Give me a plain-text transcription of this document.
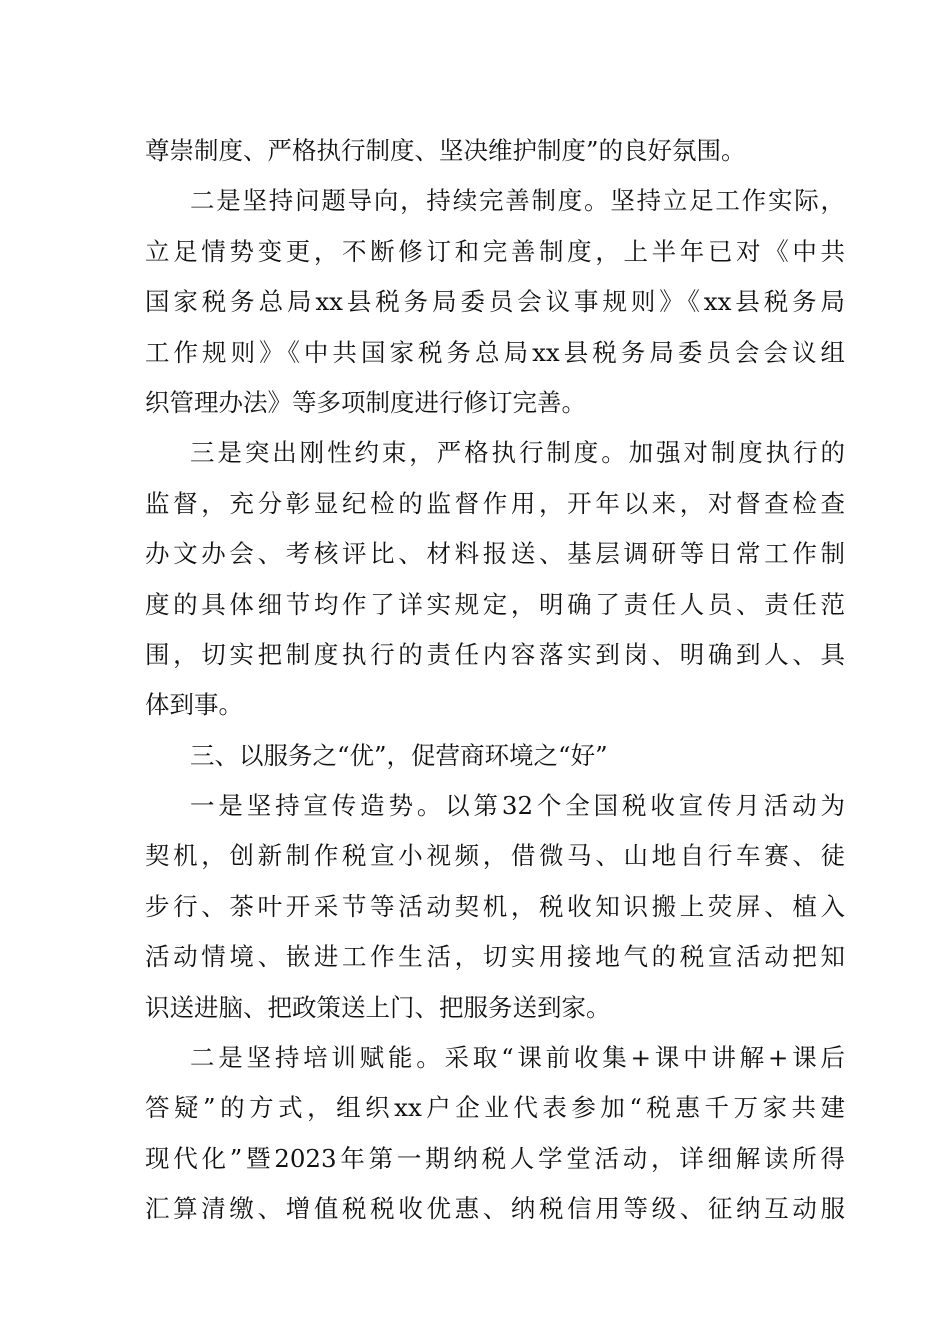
尊崇制度、严格执行制度、坚决维护制度”的良好氛围。
二是坚持问题导向，持续完善制度。坚持立足工作实际，
立足情势变更，不断修订和完善制度，上半年已对《中共
国家税务总局xx县税务局委员会议事规则》《xx县税务局
工作规则》《中共国家税务总局xx县税务局委员会会议组
织管理办法》等多项制度进行修订完善。
三是突出刚性约束，严格执行制度。加强对制度执行的
监督，充分彰显纪检的监督作用，开年以来，对督查检查
办文办会、考核评比、材料报送、基层调研等日常工作制
度的具体细节均作了详实规定，明确了责任人员、责任范
围，切实把制度执行的责任内容落实到岗、明确到人、具
体到事。
三、以服务之“优”，促营商环境之“好”
一是坚持宣传造势。以第32个全国税收宣传月活动为
契机，创新制作税宣小视频，借微马、山地自行车赛、徒
步行、茶叶开采节等活动契机，税收知识搬上荧屏、植入
活动情境、嵌进工作生活，切实用接地气的税宣活动把知
识送进脑、把政策送上门、把服务送到家。
二是坚持培训赋能。采取“课前收集+课中讲解+课后
答疑”的方式，组织xx户企业代表参加“税惠千万家共建
现代化”暨2023年第一期纳税人学堂活动，详细解读所得
汇算清缴、增值税税收优惠、纳税信用等级、征纳互动服
